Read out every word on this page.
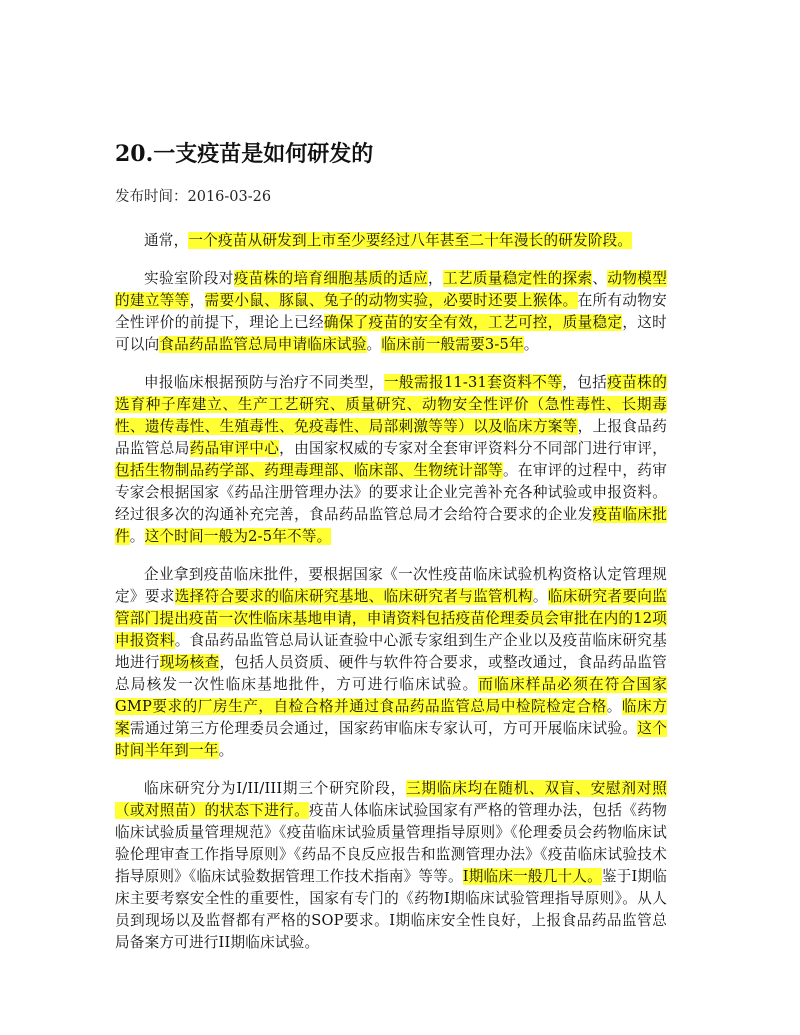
20.一支疫苗是如何研发的
发布时间：2016-03-26

通常，一个疫苗从研发到上市至少要经过八年甚至二十年漫长的研发阶段。

实验室阶段对疫苗株的培育细胞基质的适应，工艺质量稳定性的探索、动物模型的建立等等，需要小鼠、豚鼠、兔子的动物实验，必要时还要上猴体。在所有动物安全性评价的前提下，理论上已经确保了疫苗的安全有效，工艺可控，质量稳定，这时可以向食品药品监管总局申请临床试验。临床前一般需要3-5年。

申报临床根据预防与治疗不同类型，一般需报11-31套资料不等，包括疫苗株的选育种子库建立、生产工艺研究、质量研究、动物安全性评价（急性毒性、长期毒性、遗传毒性、生殖毒性、免疫毒性、局部刺激等等）以及临床方案等，上报食品药品监管总局药品审评中心，由国家权威的专家对全套审评资料分不同部门进行审评，包括生物制品药学部、药理毒理部、临床部、生物统计部等。在审评的过程中，药审专家会根据国家《药品注册管理办法》的要求让企业完善补充各种试验或申报资料。经过很多次的沟通补充完善，食品药品监管总局才会给符合要求的企业发疫苗临床批件。这个时间一般为2-5年不等。

企业拿到疫苗临床批件，要根据国家《一次性疫苗临床试验机构资格认定管理规定》要求选择符合要求的临床研究基地、临床研究者与监管机构。临床研究者要向监管部门提出疫苗一次性临床基地申请，申请资料包括疫苗伦理委员会审批在内的12项申报资料。食品药品监管总局认证查验中心派专家组到生产企业以及疫苗临床研究基地进行现场核查，包括人员资质、硬件与软件符合要求，或整改通过，食品药品监管总局核发一次性临床基地批件，方可进行临床试验。而临床样品必须在符合国家GMP要求的厂房生产，自检合格并通过食品药品监管总局中检院检定合格。临床方案需通过第三方伦理委员会通过，国家药审临床专家认可，方可开展临床试验。这个时间半年到一年。

临床研究分为I/II/III期三个研究阶段，三期临床均在随机、双盲、安慰剂对照（或对照苗）的状态下进行。疫苗人体临床试验国家有严格的管理办法，包括《药物临床试验质量管理规范》《疫苗临床试验质量管理指导原则》《伦理委员会药物临床试验伦理审查工作指导原则》《药品不良反应报告和监测管理办法》《疫苗临床试验技术指导原则》《临床试验数据管理工作技术指南》等等。I期临床一般几十人。鉴于I期临床主要考察安全性的重要性，国家有专门的《药物I期临床试验管理指导原则》。从人员到现场以及监督都有严格的SOP要求。I期临床安全性良好，上报食品药品监管总局备案方可进行II期临床试验。
